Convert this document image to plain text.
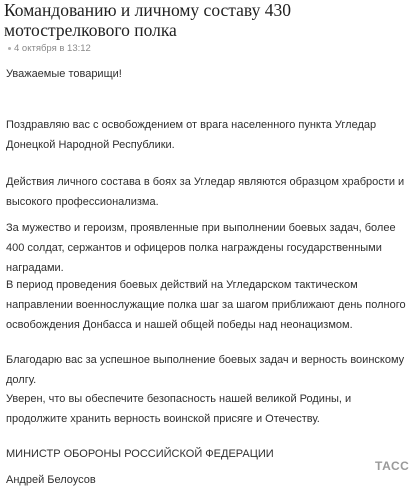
Командованию и личному составу 430 мотострелкового полка
4 октября в 13:12

Уважаемые товарищи!

Поздравляю вас с освобождением от врага населенного пункта Угледар Донецкой Народной Республики.

Действия личного состава в боях за Угледар являются образцом храбрости и высокого профессионализма.

За мужество и героизм, проявленные при выполнении боевых задач, более 400 солдат, сержантов и офицеров полка награждены государственными наградами.

В период проведения боевых действий на Угледарском тактическом направлении военнослужащие полка шаг за шагом приближают день полного освобождения Донбасса и нашей общей победы над неонацизмом.

Благодарю вас за успешное выполнение боевых задач и верность воинскому долгу.

Уверен, что вы обеспечите безопасность нашей великой Родины, и продолжите хранить верность воинской присяге и Отечеству.

МИНИСТР ОБОРОНЫ РОССИЙСКОЙ ФЕДЕРАЦИИ

Андрей Белоусов

ТАСС
